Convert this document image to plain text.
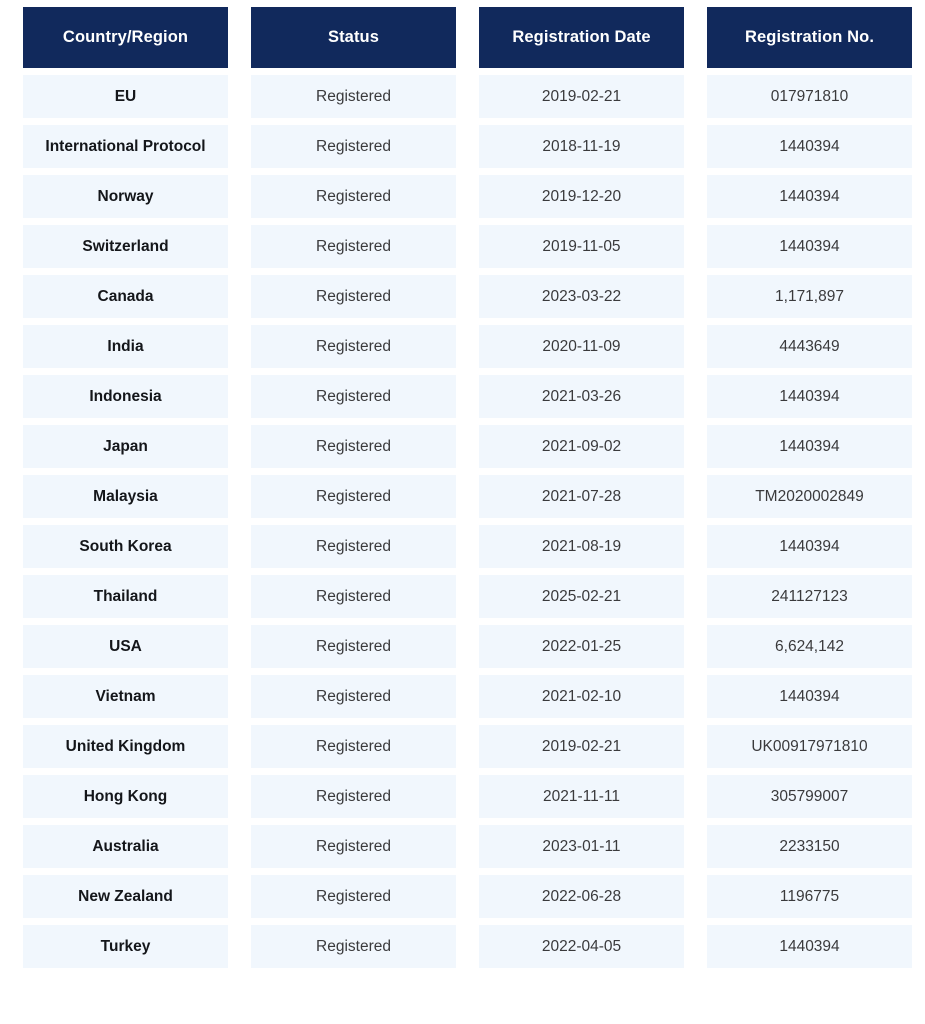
Country/Region	Status	Registration Date	Registration No.
EU	Registered	2019-02-21	017971810
International Protocol	Registered	2018-11-19	1440394
Norway	Registered	2019-12-20	1440394
Switzerland	Registered	2019-11-05	1440394
Canada	Registered	2023-03-22	1,171,897
India	Registered	2020-11-09	4443649
Indonesia	Registered	2021-03-26	1440394
Japan	Registered	2021-09-02	1440394
Malaysia	Registered	2021-07-28	TM2020002849
South Korea	Registered	2021-08-19	1440394
Thailand	Registered	2025-02-21	241127123
USA	Registered	2022-01-25	6,624,142
Vietnam	Registered	2021-02-10	1440394
United Kingdom	Registered	2019-02-21	UK00917971810
Hong Kong	Registered	2021-11-11	305799007
Australia	Registered	2023-01-11	2233150
New Zealand	Registered	2022-06-28	1196775
Turkey	Registered	2022-04-05	1440394
